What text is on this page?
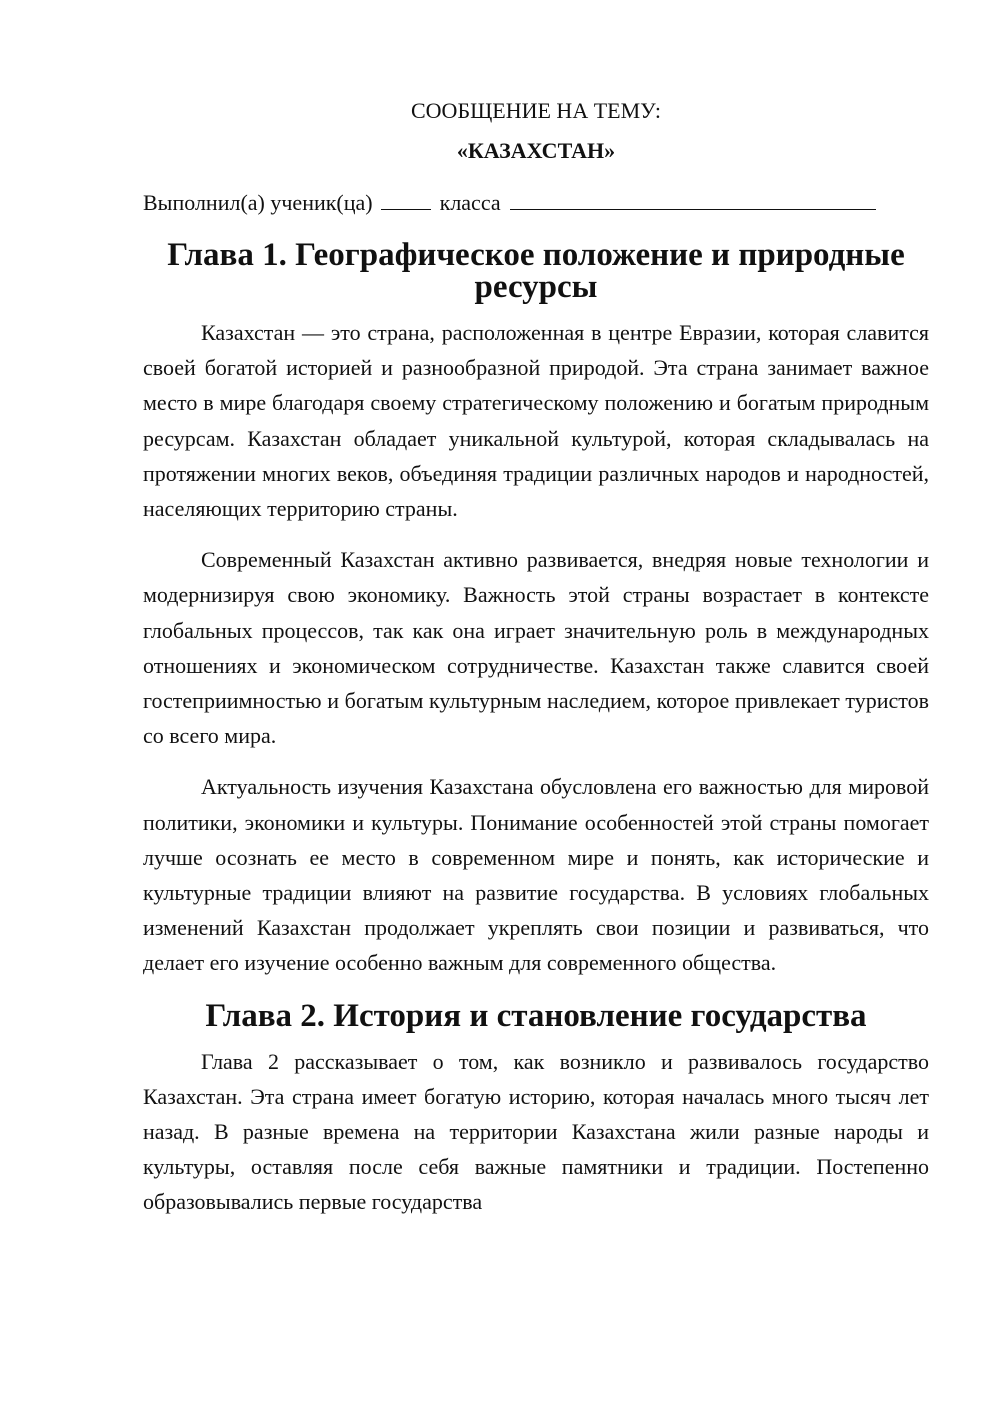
СООБЩЕНИЕ НА ТЕМУ:

«КАЗАХСТАН»

Выполнил(а) ученик(ца)	класса

Глава 1. Географическое положение и природные ресурсы

Казахстан — это страна, расположенная в центре Евразии, которая славится своей богатой историей и разнообразной природой. Эта страна занимает важное место в мире благодаря своему стратегическому положению и богатым природным ресурсам. Казахстан обладает уникальной культурой, которая складывалась на протяжении многих веков, объединяя традиции различных народов и народностей, населяющих территорию страны.

Современный Казахстан активно развивается, внедряя новые технологии и модернизируя свою экономику. Важность этой страны возрастает в контексте глобальных процессов, так как она играет значительную роль в международных отношениях и экономическом сотрудничестве. Казахстан также славится своей гостеприимностью и богатым культурным наследием, которое привлекает туристов со всего мира.

Актуальность изучения Казахстана обусловлена его важностью для мировой политики, экономики и культуры. Понимание особенностей этой страны помогает лучше осознать ее место в современном мире и понять, как исторические и культурные традиции влияют на развитие государства. В условиях глобальных изменений Казахстан продолжает укреплять свои позиции и развиваться, что делает его изучение особенно важным для современного общества.

Глава 2. История и становление государства

Глава 2 рассказывает о том, как возникло и развивалось государство Казахстан. Эта страна имеет богатую историю, которая началась много тысяч лет назад. В разные времена на территории Казахстана жили разные народы и культуры, оставляя после себя важные памятники и традиции. Постепенно образовывались первые государства
